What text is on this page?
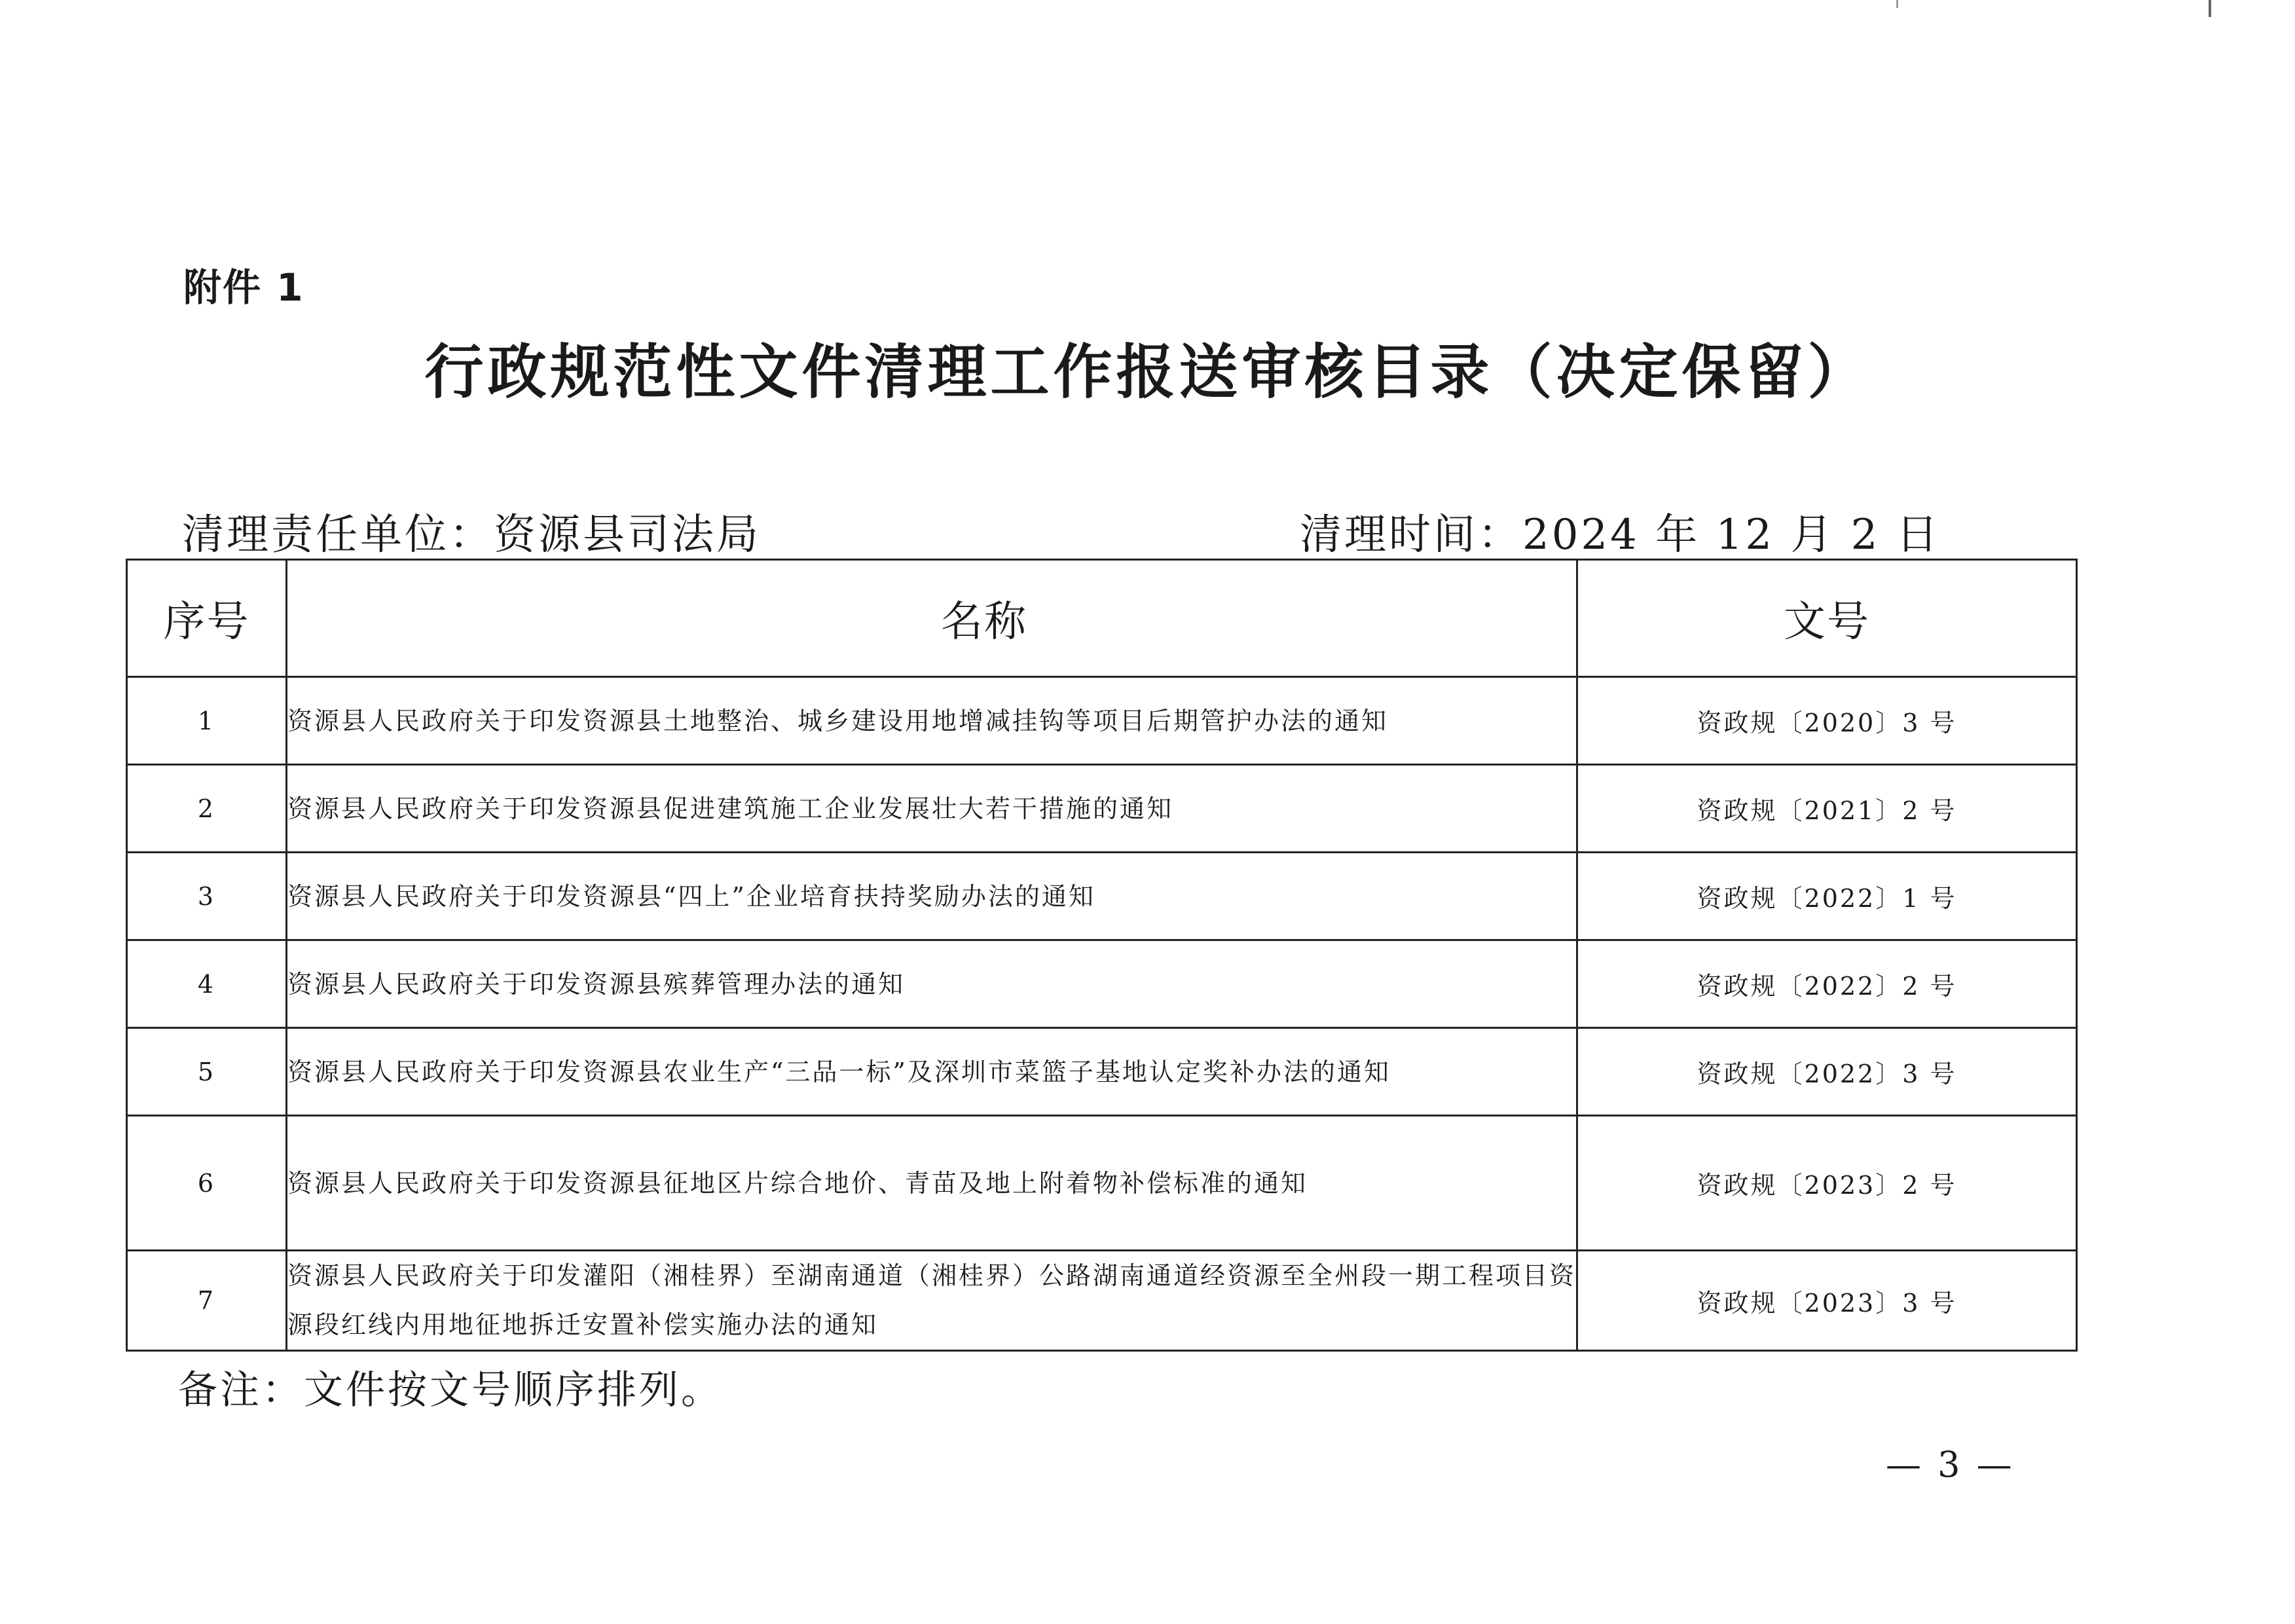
附件 1
行政规范性文件清理工作报送审核目录（决定保留）
清理责任单位：资源县司法局	清理时间：2024 年 12 月 2 日
序号	名称	文号
1	资源县人民政府关于印发资源县土地整治、城乡建设用地增减挂钩等项目后期管护办法的通知	资政规〔2020〕3 号
2	资源县人民政府关于印发资源县促进建筑施工企业发展壮大若干措施的通知	资政规〔2021〕2 号
3	资源县人民政府关于印发资源县“四上”企业培育扶持奖励办法的通知	资政规〔2022〕1 号
4	资源县人民政府关于印发资源县殡葬管理办法的通知	资政规〔2022〕2 号
5	资源县人民政府关于印发资源县农业生产“三品一标”及深圳市菜篮子基地认定奖补办法的通知	资政规〔2022〕3 号
6	资源县人民政府关于印发资源县征地区片综合地价、青苗及地上附着物补偿标准的通知	资政规〔2023〕2 号
7	资源县人民政府关于印发灌阳（湘桂界）至湖南通道（湘桂界）公路湖南通道经资源至全州段一期工程项目资源段红线内用地征地拆迁安置补偿实施办法的通知	资政规〔2023〕3 号
备注：文件按文号顺序排列。
— 3 —
